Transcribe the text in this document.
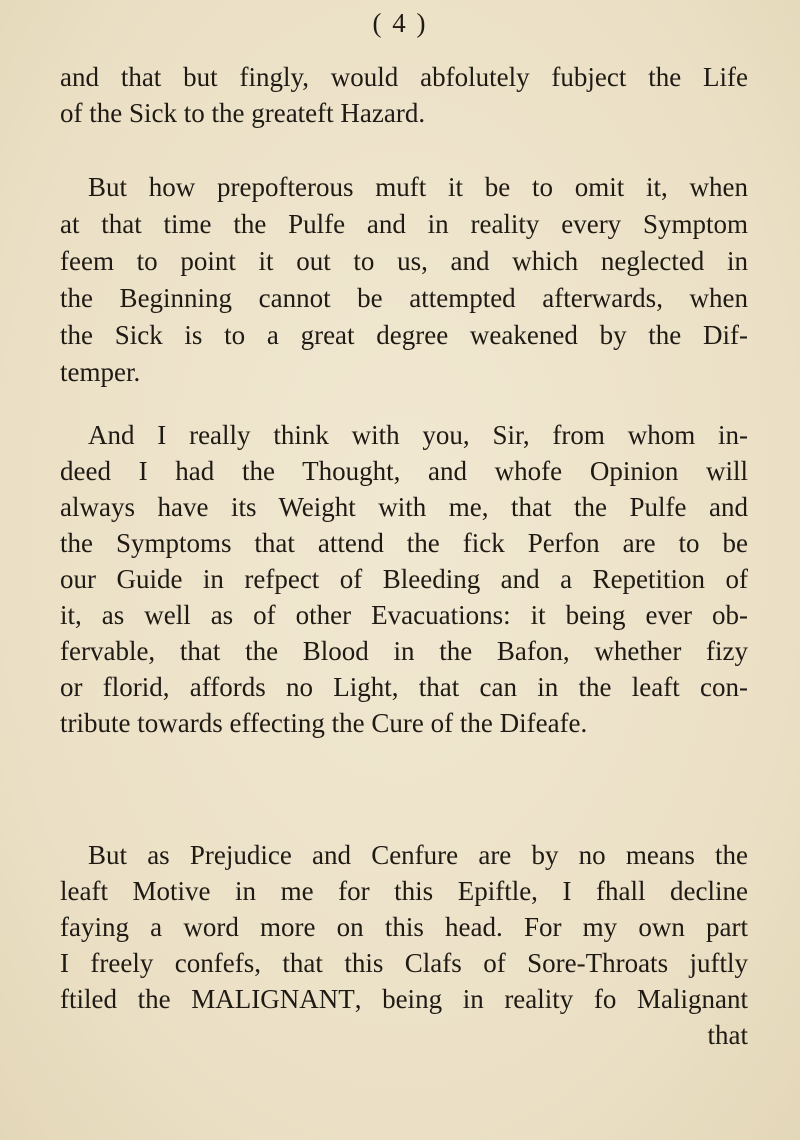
( 4 )
and that but fingly, would abfolutely fubject the Life
of the Sick to the greateft Hazard.
But how prepofterous muft it be to omit it, when
at that time the Pulfe and in reality every Symptom
feem to point it out to us, and which neglected in
the Beginning cannot be attempted afterwards, when
the Sick is to a great degree weakened by the Dif-
temper.
And I really think with you, Sir, from whom in-
deed I had the Thought, and whofe Opinion will
always have its Weight with me, that the Pulfe and
the Symptoms that attend the fick Perfon are to be
our Guide in refpect of Bleeding and a Repetition of
it, as well as of other Evacuations: it being ever ob-
fervable, that the Blood in the Bafon, whether fizy
or florid, affords no Light, that can in the leaft con-
tribute towards effecting the Cure of the Difeafe.
But as Prejudice and Cenfure are by no means the
leaft Motive in me for this Epiftle, I fhall decline
faying a word more on this head. For my own part
I freely confefs, that this Clafs of Sore-Throats juftly
ftiled the MALIGNANT, being in reality fo Malignant
that
